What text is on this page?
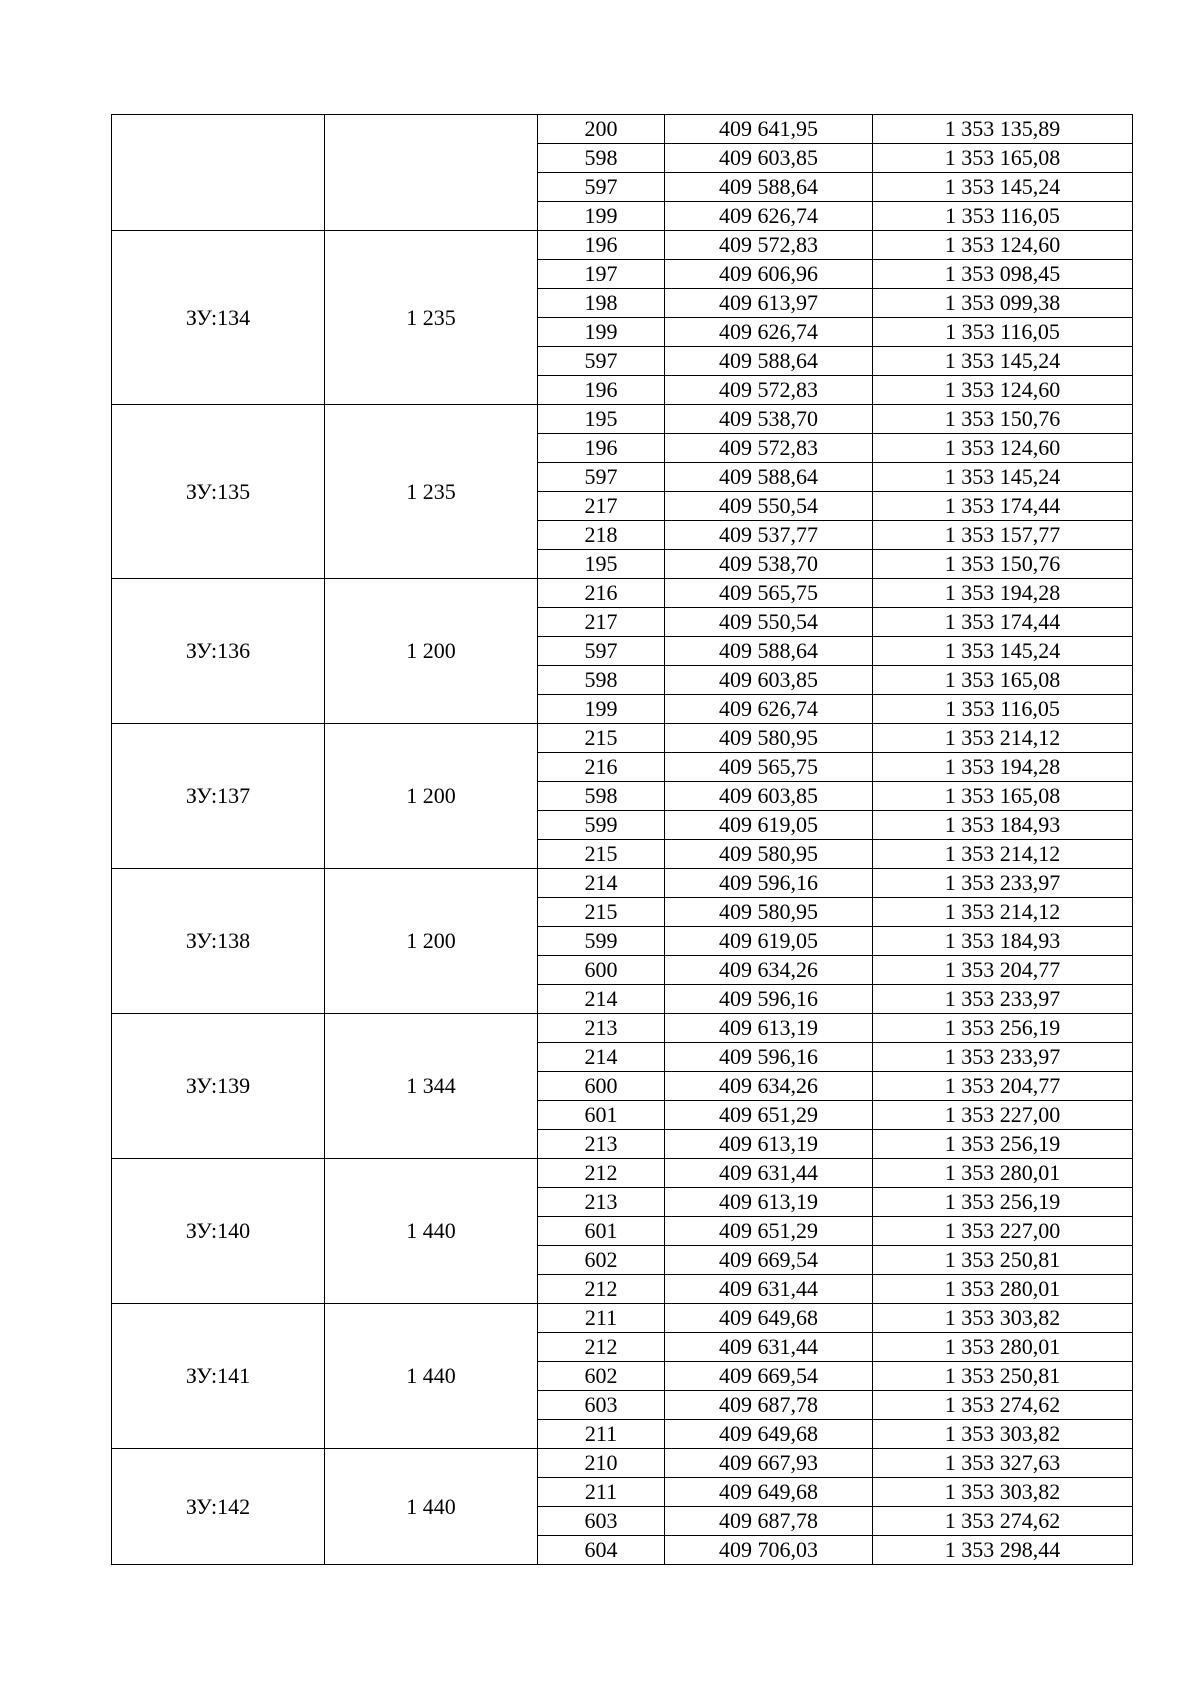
		200	409 641,95	1 353 135,89
		598	409 603,85	1 353 165,08
		597	409 588,64	1 353 145,24
		199	409 626,74	1 353 116,05
ЗУ:134	1 235	196	409 572,83	1 353 124,60
		197	409 606,96	1 353 098,45
		198	409 613,97	1 353 099,38
		199	409 626,74	1 353 116,05
		597	409 588,64	1 353 145,24
		196	409 572,83	1 353 124,60
ЗУ:135	1 235	195	409 538,70	1 353 150,76
		196	409 572,83	1 353 124,60
		597	409 588,64	1 353 145,24
		217	409 550,54	1 353 174,44
		218	409 537,77	1 353 157,77
		195	409 538,70	1 353 150,76
ЗУ:136	1 200	216	409 565,75	1 353 194,28
		217	409 550,54	1 353 174,44
		597	409 588,64	1 353 145,24
		598	409 603,85	1 353 165,08
		199	409 626,74	1 353 116,05
ЗУ:137	1 200	215	409 580,95	1 353 214,12
		216	409 565,75	1 353 194,28
		598	409 603,85	1 353 165,08
		599	409 619,05	1 353 184,93
		215	409 580,95	1 353 214,12
ЗУ:138	1 200	214	409 596,16	1 353 233,97
		215	409 580,95	1 353 214,12
		599	409 619,05	1 353 184,93
		600	409 634,26	1 353 204,77
		214	409 596,16	1 353 233,97
ЗУ:139	1 344	213	409 613,19	1 353 256,19
		214	409 596,16	1 353 233,97
		600	409 634,26	1 353 204,77
		601	409 651,29	1 353 227,00
		213	409 613,19	1 353 256,19
ЗУ:140	1 440	212	409 631,44	1 353 280,01
		213	409 613,19	1 353 256,19
		601	409 651,29	1 353 227,00
		602	409 669,54	1 353 250,81
		212	409 631,44	1 353 280,01
ЗУ:141	1 440	211	409 649,68	1 353 303,82
		212	409 631,44	1 353 280,01
		602	409 669,54	1 353 250,81
		603	409 687,78	1 353 274,62
		211	409 649,68	1 353 303,82
ЗУ:142	1 440	210	409 667,93	1 353 327,63
		211	409 649,68	1 353 303,82
		603	409 687,78	1 353 274,62
		604	409 706,03	1 353 298,44
